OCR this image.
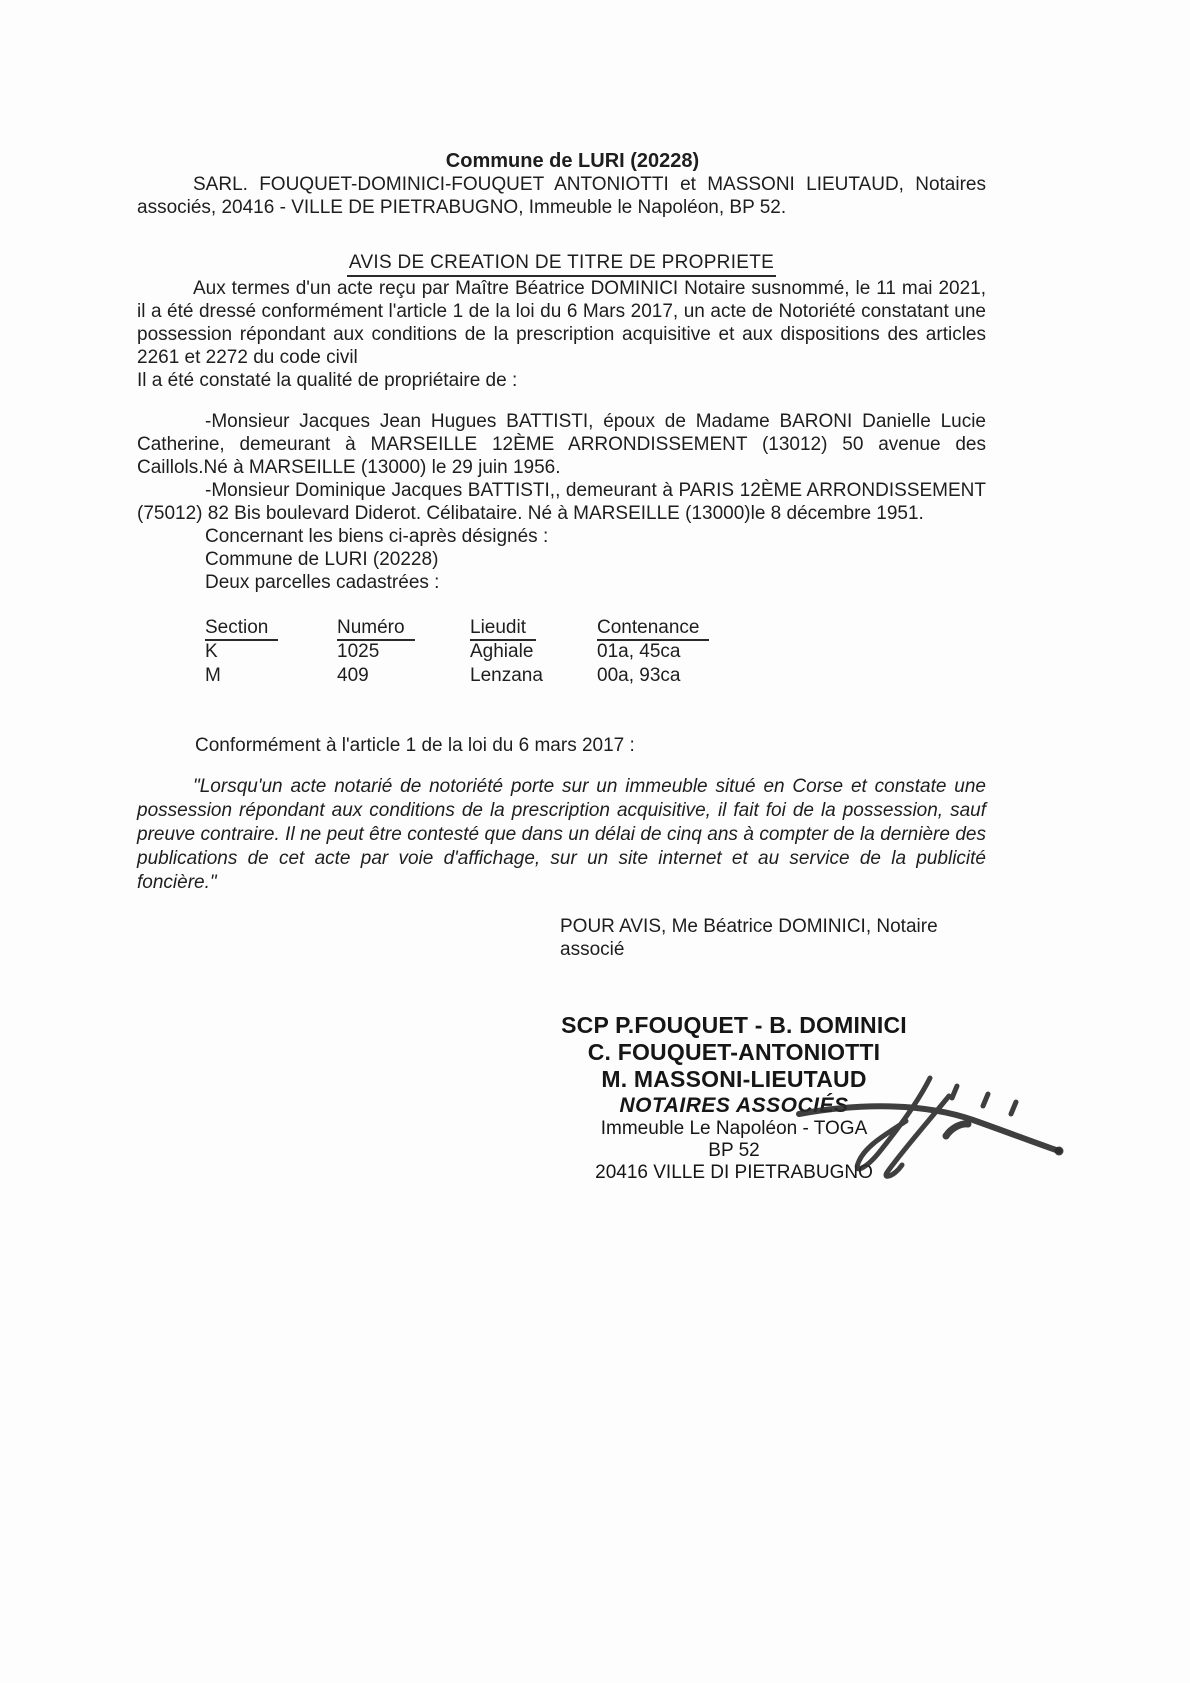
Commune de LURI (20228)

SARL. FOUQUET-DOMINICI-FOUQUET ANTONIOTTI et MASSONI LIEUTAUD, Notaires associés, 20416 - VILLE DE PIETRABUGNO, Immeuble le Napoléon, BP 52.

AVIS DE CREATION DE TITRE DE PROPRIETE

Aux termes d'un acte reçu par Maître Béatrice DOMINICI Notaire susnommé, le 11 mai 2021, il a été dressé conformément l'article 1 de la loi du 6 Mars 2017, un acte de Notoriété constatant une possession répondant aux conditions de la prescription acquisitive et aux dispositions des articles 2261 et 2272 du code civil

Il a été constaté la qualité de propriétaire de :

-Monsieur Jacques Jean Hugues BATTISTI, époux de Madame BARONI Danielle Lucie Catherine, demeurant à MARSEILLE 12ÈME ARRONDISSEMENT (13012) 50 avenue des Caillols.Né à MARSEILLE (13000) le 29 juin 1956.

-Monsieur Dominique Jacques BATTISTI,, demeurant à PARIS 12ÈME ARRONDISSEMENT (75012) 82 Bis boulevard Diderot. Célibataire. Né à MARSEILLE (13000)le 8 décembre 1951.

Concernant les biens ci-après désignés :

Commune de LURI (20228)

Deux parcelles cadastrées :

Section	Numéro	Lieudit	Contenance
K	1025	Aghiale	01a, 45ca
M	409	Lenzana	00a, 93ca

Conformément à l'article 1 de la loi du 6 mars 2017 :

"Lorsqu'un acte notarié de notoriété porte sur un immeuble situé en Corse et constate une possession répondant aux conditions de la prescription acquisitive, il fait foi de la possession, sauf preuve contraire. Il ne peut être contesté que dans un délai de cinq ans à compter de la dernière des publications de cet acte par voie d'affichage, sur un site internet et au service de la publicité foncière."

POUR AVIS, Me Béatrice DOMINICI, Notaire associé

SCP P.FOUQUET - B. DOMINICI
C. FOUQUET-ANTONIOTTI
M. MASSONI-LIEUTAUD
NOTAIRES ASSOCIÉS
Immeuble Le Napoléon - TOGA
BP 52
20416 VILLE DI PIETRABUGNO
